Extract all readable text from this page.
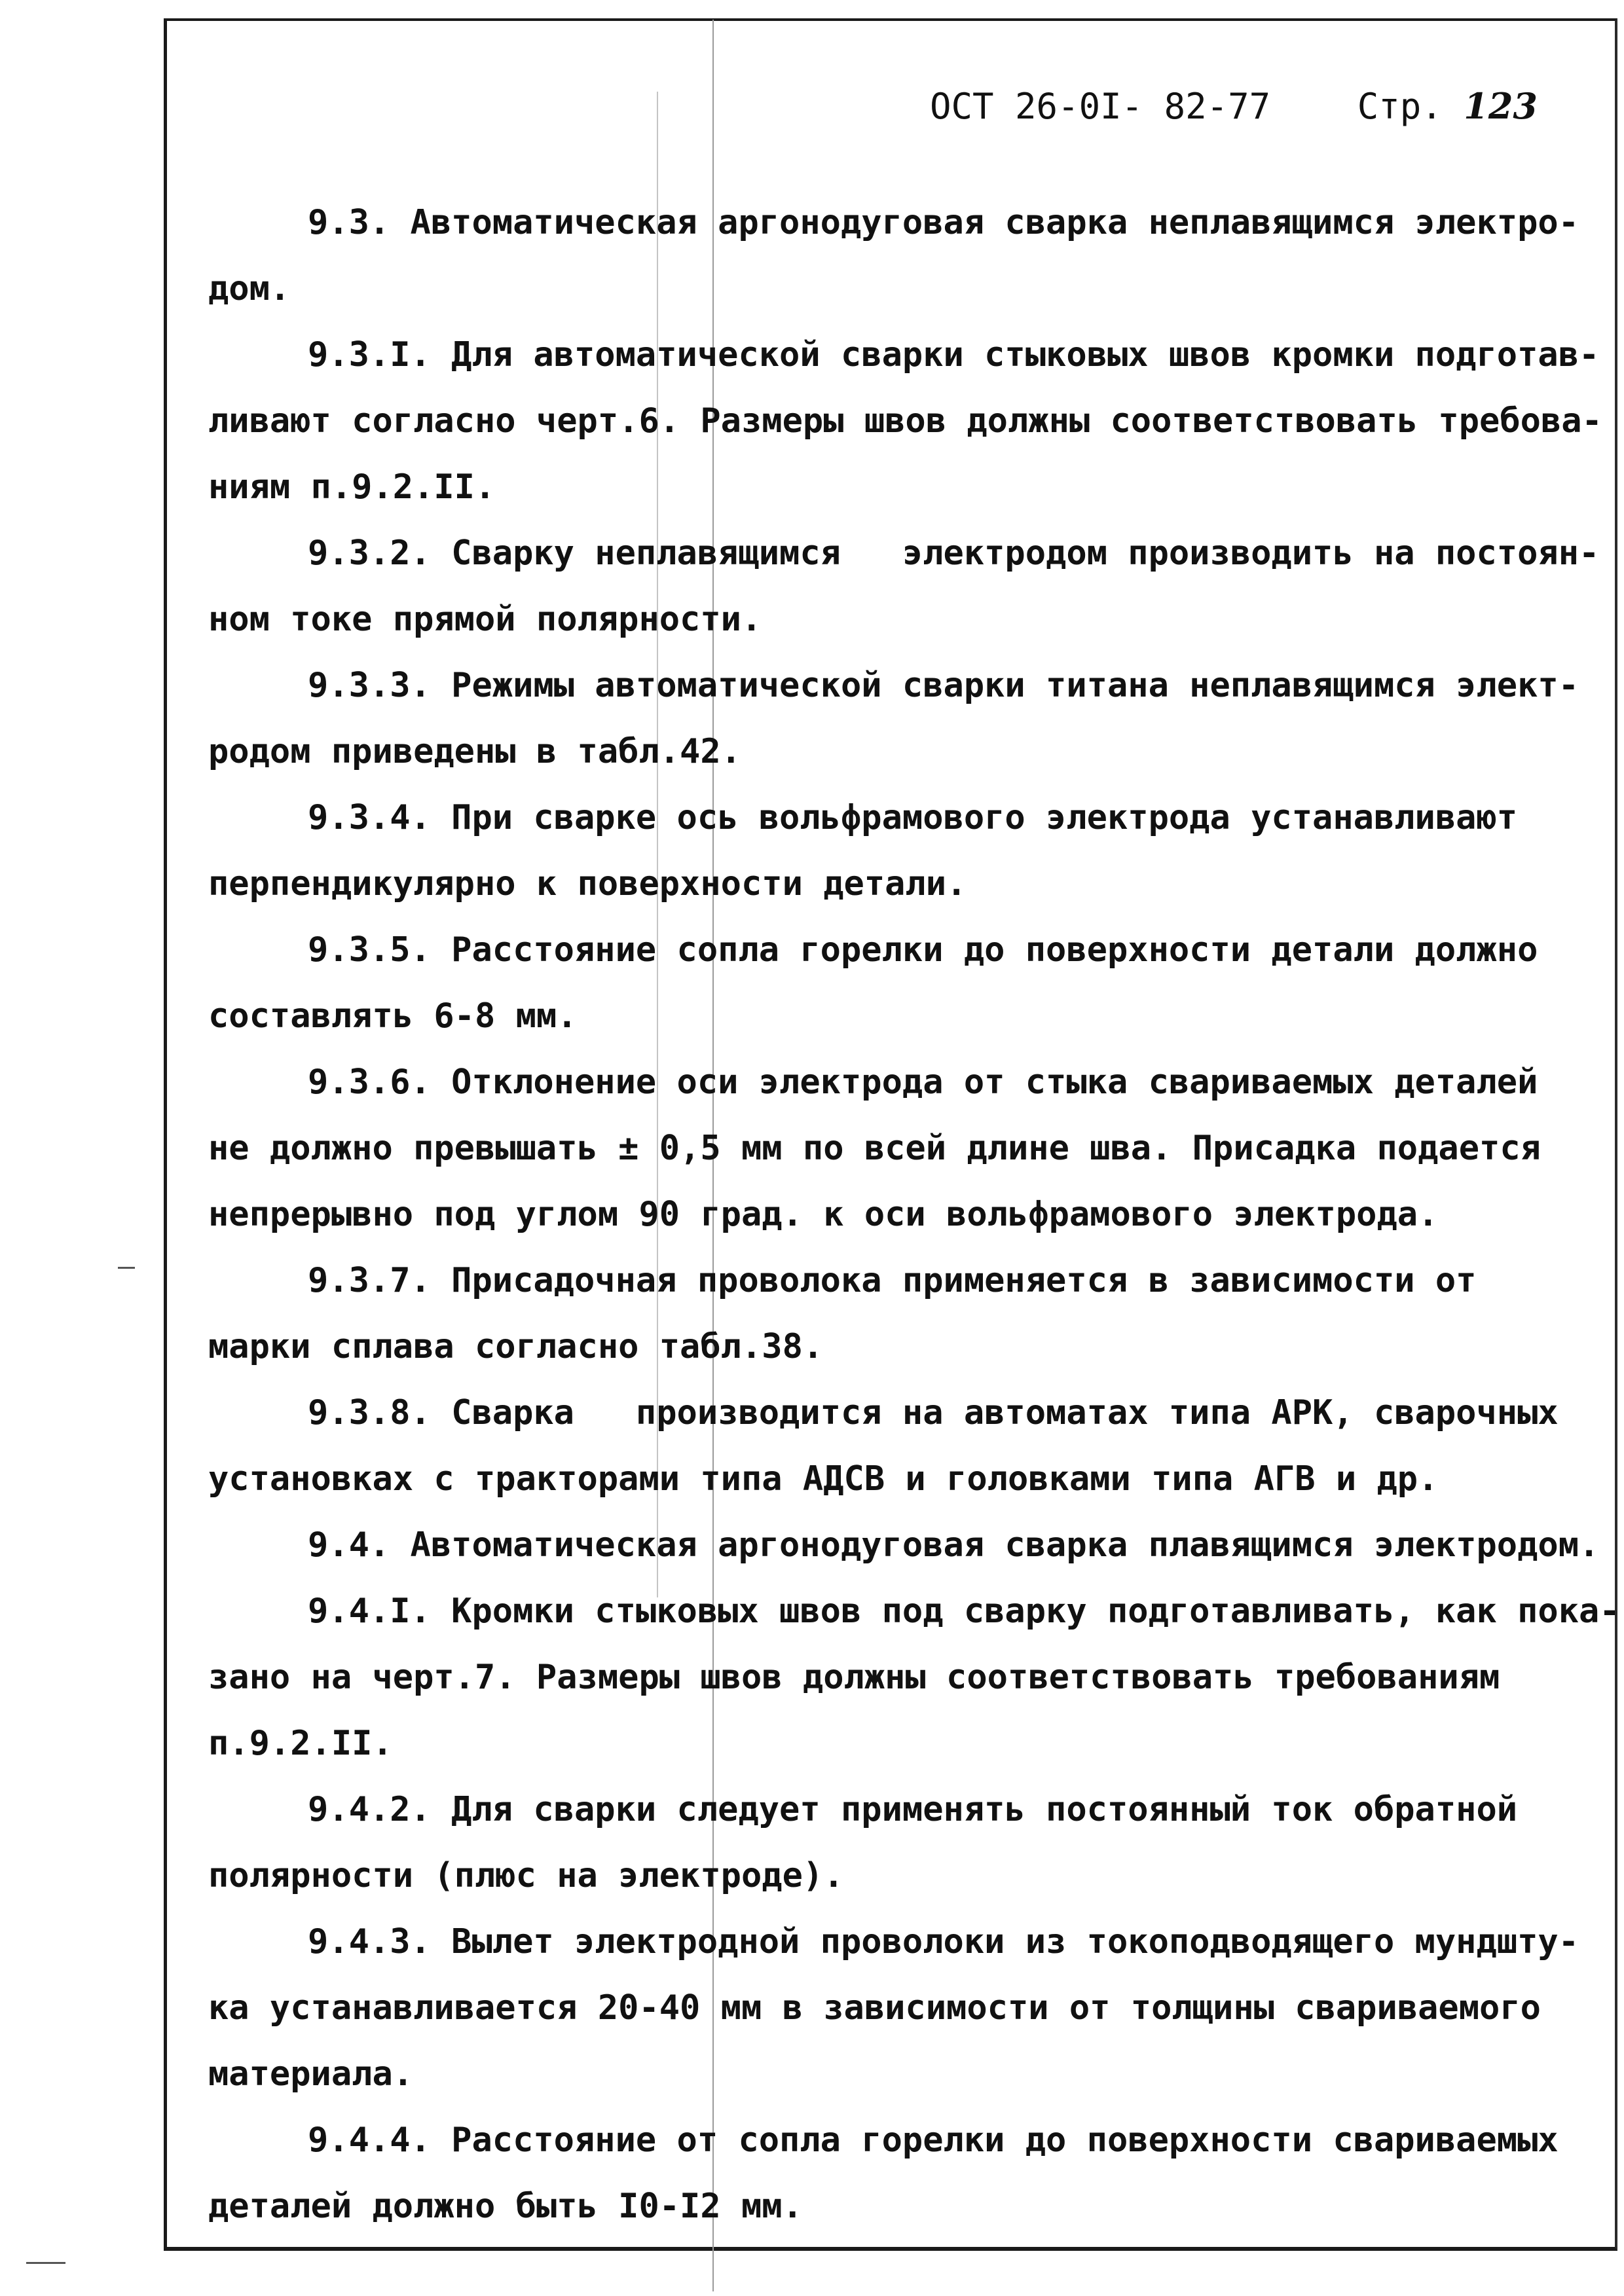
ОСТ 26-0I- 82-77 Стр. 123
9.3. Автоматическая аргонодуговая сварка неплавящимся электро-
дом.
9.3.I. Для автоматической сварки стыковых швов кромки подготав-
ливают согласно черт.6. Размеры швов должны соответствовать требова-
ниям п.9.2.II.
9.3.2. Сварку неплавящимся   электродом производить на постоян-
ном токе прямой полярности.
9.3.3. Режимы автоматической сварки титана неплавящимся элект-
родом приведены в табл.42.
9.3.4. При сварке ось вольфрамового электрода устанавливают
перпендикулярно к поверхности детали.
9.3.5. Расстояние сопла горелки до поверхности детали должно
составлять 6-8 мм.
9.3.6. Отклонение оси электрода от стыка свариваемых деталей
не должно превышать ± 0,5 мм по всей длине шва. Присадка подается
непрерывно под углом 90 град. к оси вольфрамового электрода.
9.3.7. Присадочная проволока применяется в зависимости от
марки сплава согласно табл.38.
9.3.8. Сварка   производится на автоматах типа АРК, сварочных
установках с тракторами типа АДСВ и головками типа АГВ и др.
9.4. Автоматическая аргонодуговая сварка плавящимся электродом.
9.4.I. Кромки стыковых швов под сварку подготавливать, как пока-
зано на черт.7. Размеры швов должны соответствовать требованиям
п.9.2.II.
9.4.2. Для сварки следует применять постоянный ток обратной
полярности (плюс на электроде).
9.4.3. Вылет электродной проволоки из токоподводящего мундшту-
ка устанавливается 20-40 мм в зависимости от толщины свариваемого
материала.
9.4.4. Расстояние от сопла горелки до поверхности свариваемых
деталей должно быть I0-I2 мм.
